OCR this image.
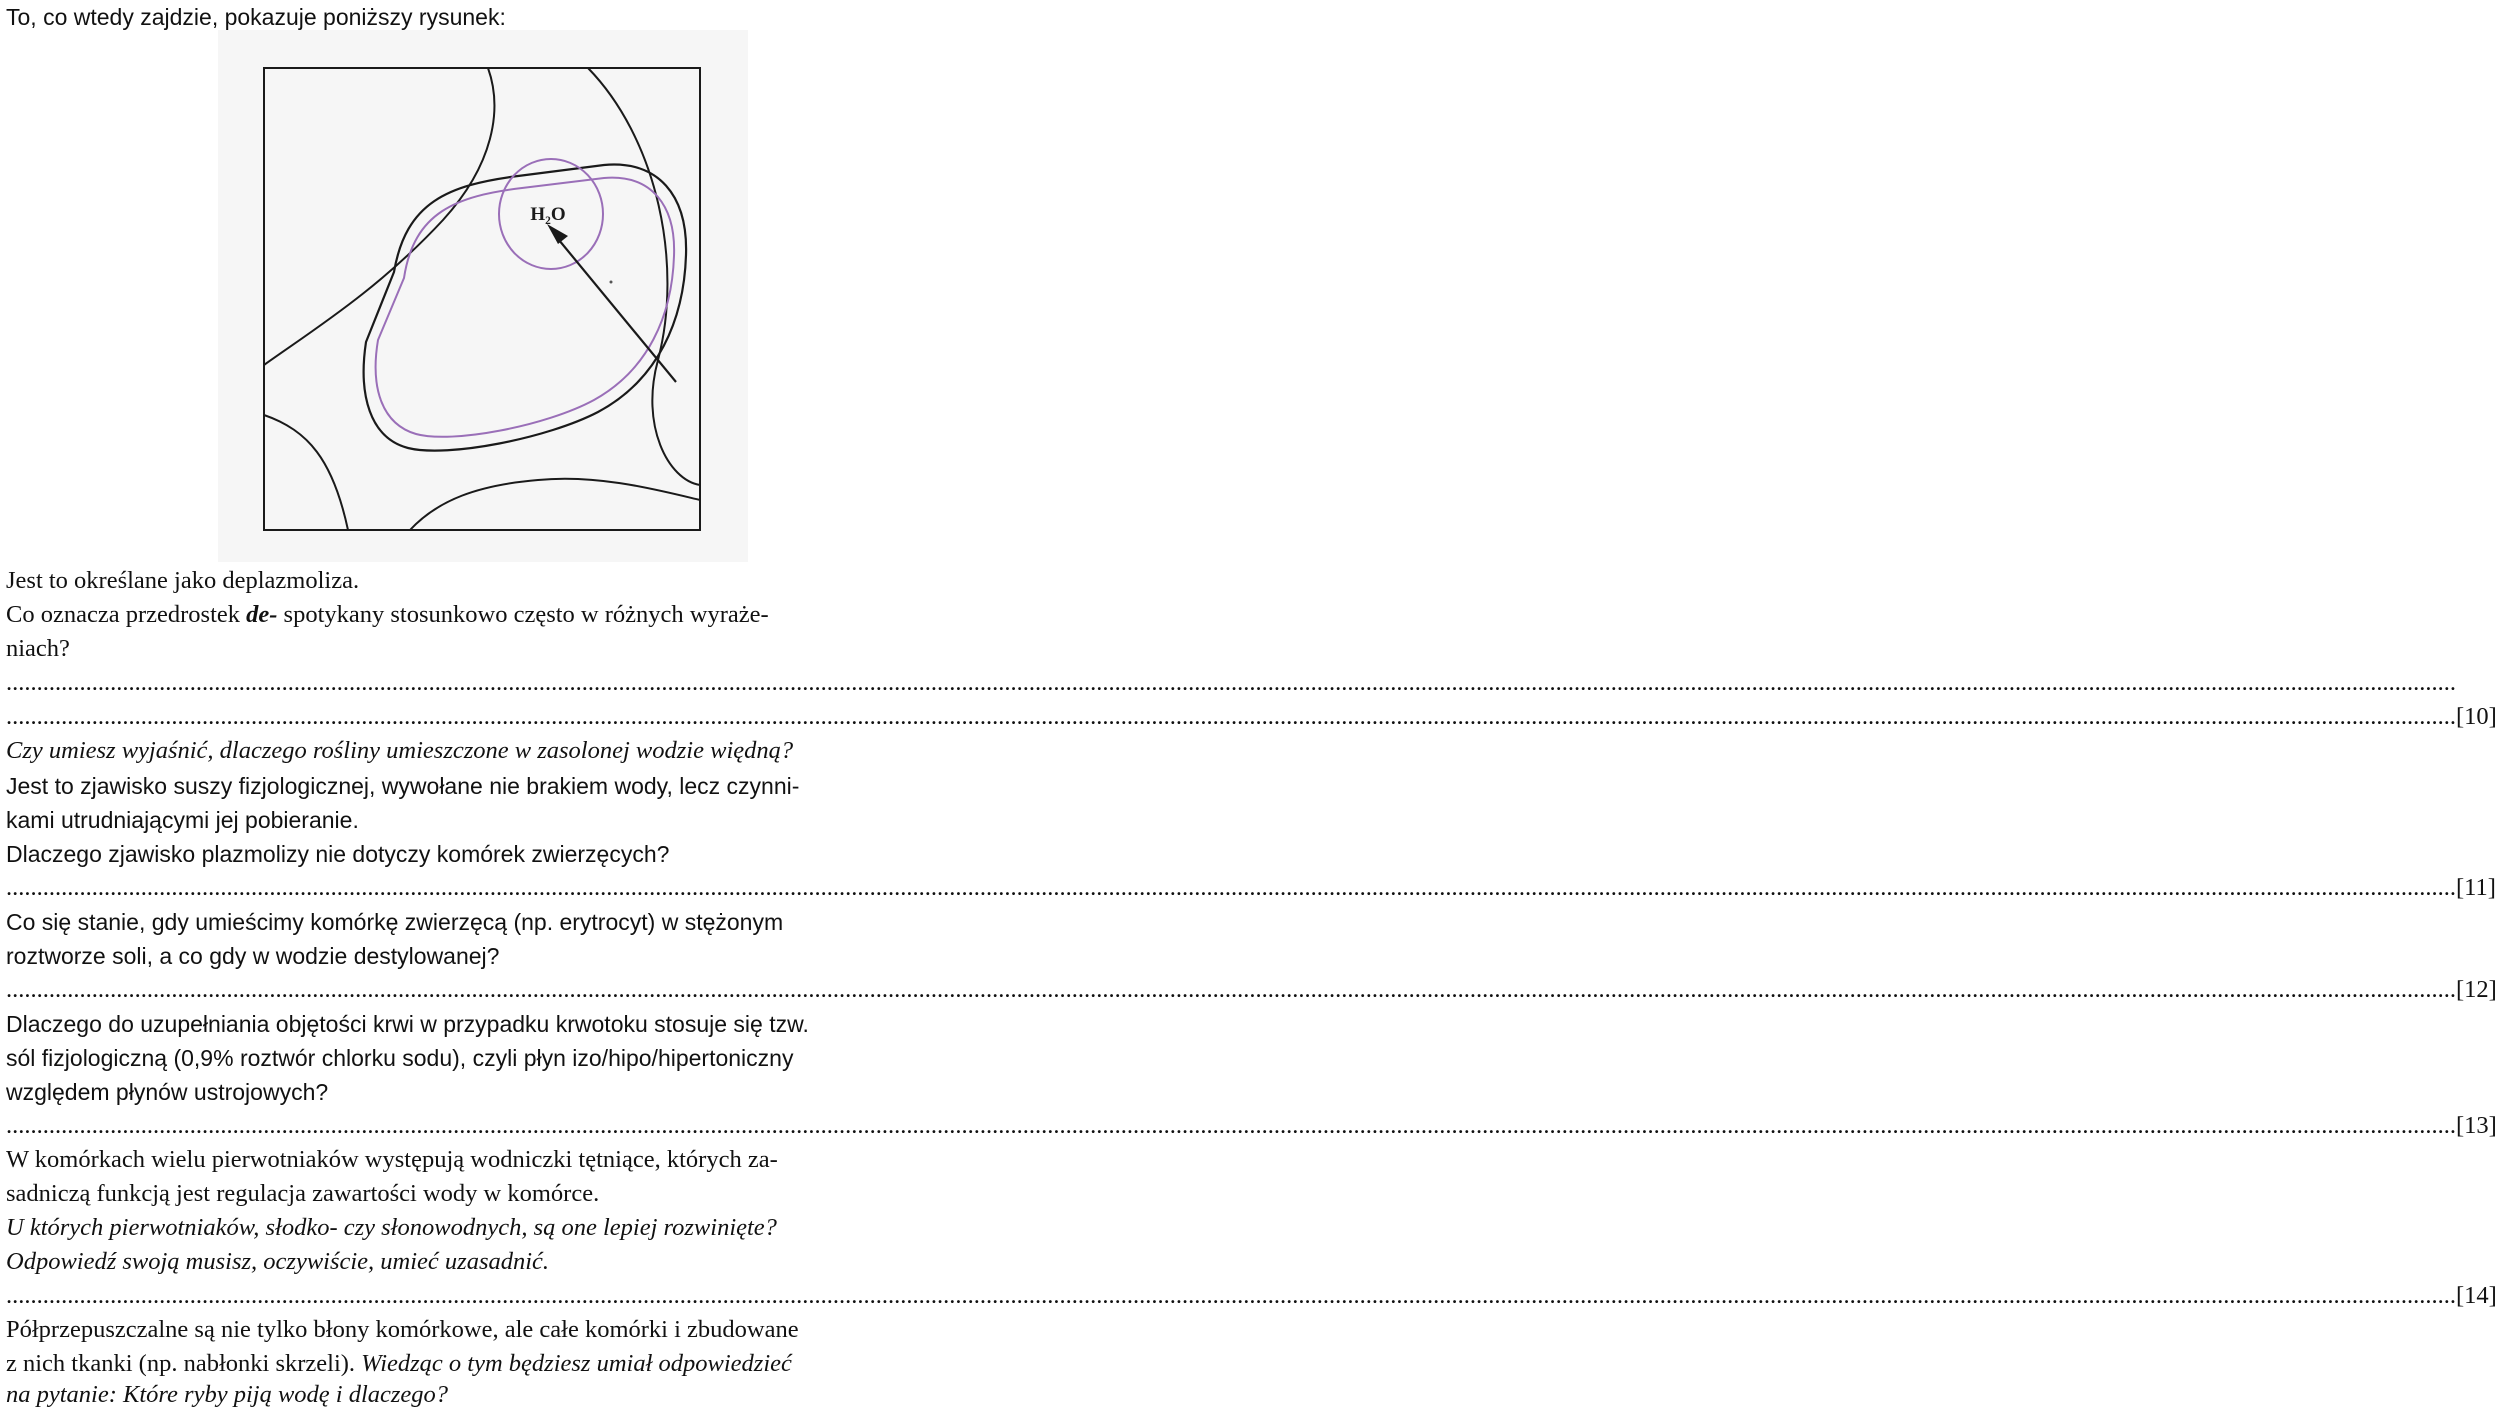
To, co wtedy zajdzie, pokazuje poniższy rysunek:
H₂O
Jest to określane jako deplazmoliza.
Co oznacza przedrostek de- spotykany stosunkowo często w różnych wyraże-
niach?
................................................................................................................................................................................................................................................................................................................................................................................................................
................................................................................................................................................................................................................................................................................................................................................................................................................ [10]
Czy umiesz wyjaśnić, dlaczego rośliny umieszczone w zasolonej wodzie więdną?
Jest to zjawisko suszy fizjologicznej, wywołane nie brakiem wody, lecz czynni-
kami utrudniającymi jej pobieranie.
Dlaczego zjawisko plazmolizy nie dotyczy komórek zwierzęcych?
................................................................................................................................................................................................................................................................................................................................................................................................................ [11]
Co się stanie, gdy umieścimy komórkę zwierzęcą (np. erytrocyt) w stężonym
roztworze soli, a co gdy w wodzie destylowanej?
................................................................................................................................................................................................................................................................................................................................................................................................................ [12]
Dlaczego do uzupełniania objętości krwi w przypadku krwotoku stosuje się tzw.
sól fizjologiczną (0,9% roztwór chlorku sodu), czyli płyn izo/hipo/hipertoniczny
względem płynów ustrojowych?
................................................................................................................................................................................................................................................................................................................................................................................................................ [13]
W komórkach wielu pierwotniaków występują wodniczki tętniące, których za-
sadniczą funkcją jest regulacja zawartości wody w komórce.
U których pierwotniaków, słodko- czy słonowodnych, są one lepiej rozwinięte?
Odpowiedź swoją musisz, oczywiście, umieć uzasadnić.
................................................................................................................................................................................................................................................................................................................................................................................................................ [14]
Półprzepuszczalne są nie tylko błony komórkowe, ale całe komórki i zbudowane
z nich tkanki (np. nabłonki skrzeli). Wiedząc o tym będziesz umiał odpowiedzieć
na pytanie: Które ryby piją wodę i dlaczego?
